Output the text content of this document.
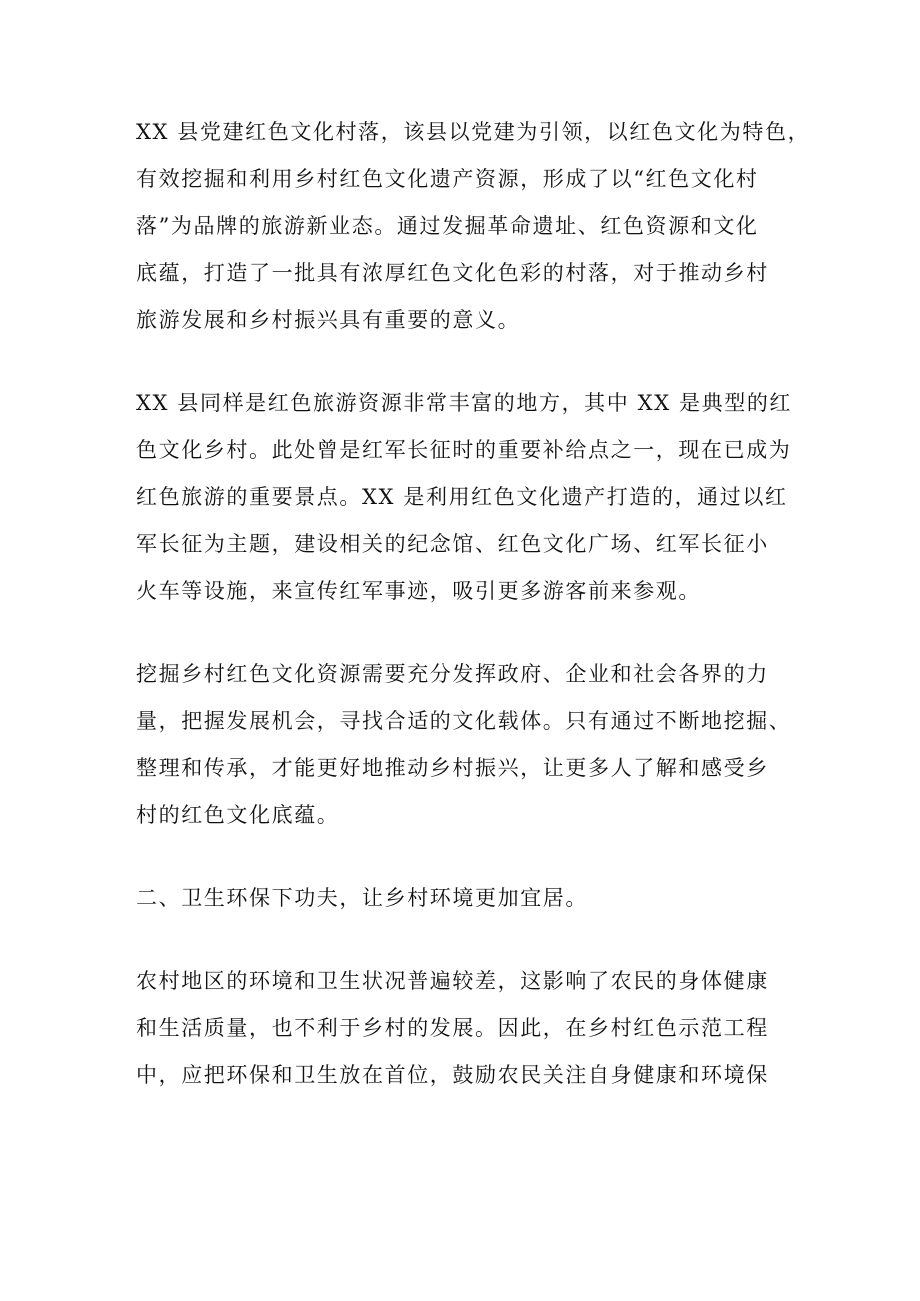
XX 县党建红色文化村落，该县以党建为引领，以红色文化为特色，
有效挖掘和利用乡村红色文化遗产资源，形成了以“红色文化村
落”为品牌的旅游新业态。通过发掘革命遗址、红色资源和文化
底蕴，打造了一批具有浓厚红色文化色彩的村落，对于推动乡村
旅游发展和乡村振兴具有重要的意义。

XX 县同样是红色旅游资源非常丰富的地方，其中 XX 是典型的红
色文化乡村。此处曾是红军长征时的重要补给点之一，现在已成为
红色旅游的重要景点。XX 是利用红色文化遗产打造的，通过以红
军长征为主题，建设相关的纪念馆、红色文化广场、红军长征小
火车等设施，来宣传红军事迹，吸引更多游客前来参观。

挖掘乡村红色文化资源需要充分发挥政府、企业和社会各界的力
量，把握发展机会，寻找合适的文化载体。只有通过不断地挖掘、
整理和传承，才能更好地推动乡村振兴，让更多人了解和感受乡
村的红色文化底蕴。

二、卫生环保下功夫，让乡村环境更加宜居。

农村地区的环境和卫生状况普遍较差，这影响了农民的身体健康
和生活质量，也不利于乡村的发展。因此，在乡村红色示范工程
中，应把环保和卫生放在首位，鼓励农民关注自身健康和环境保
